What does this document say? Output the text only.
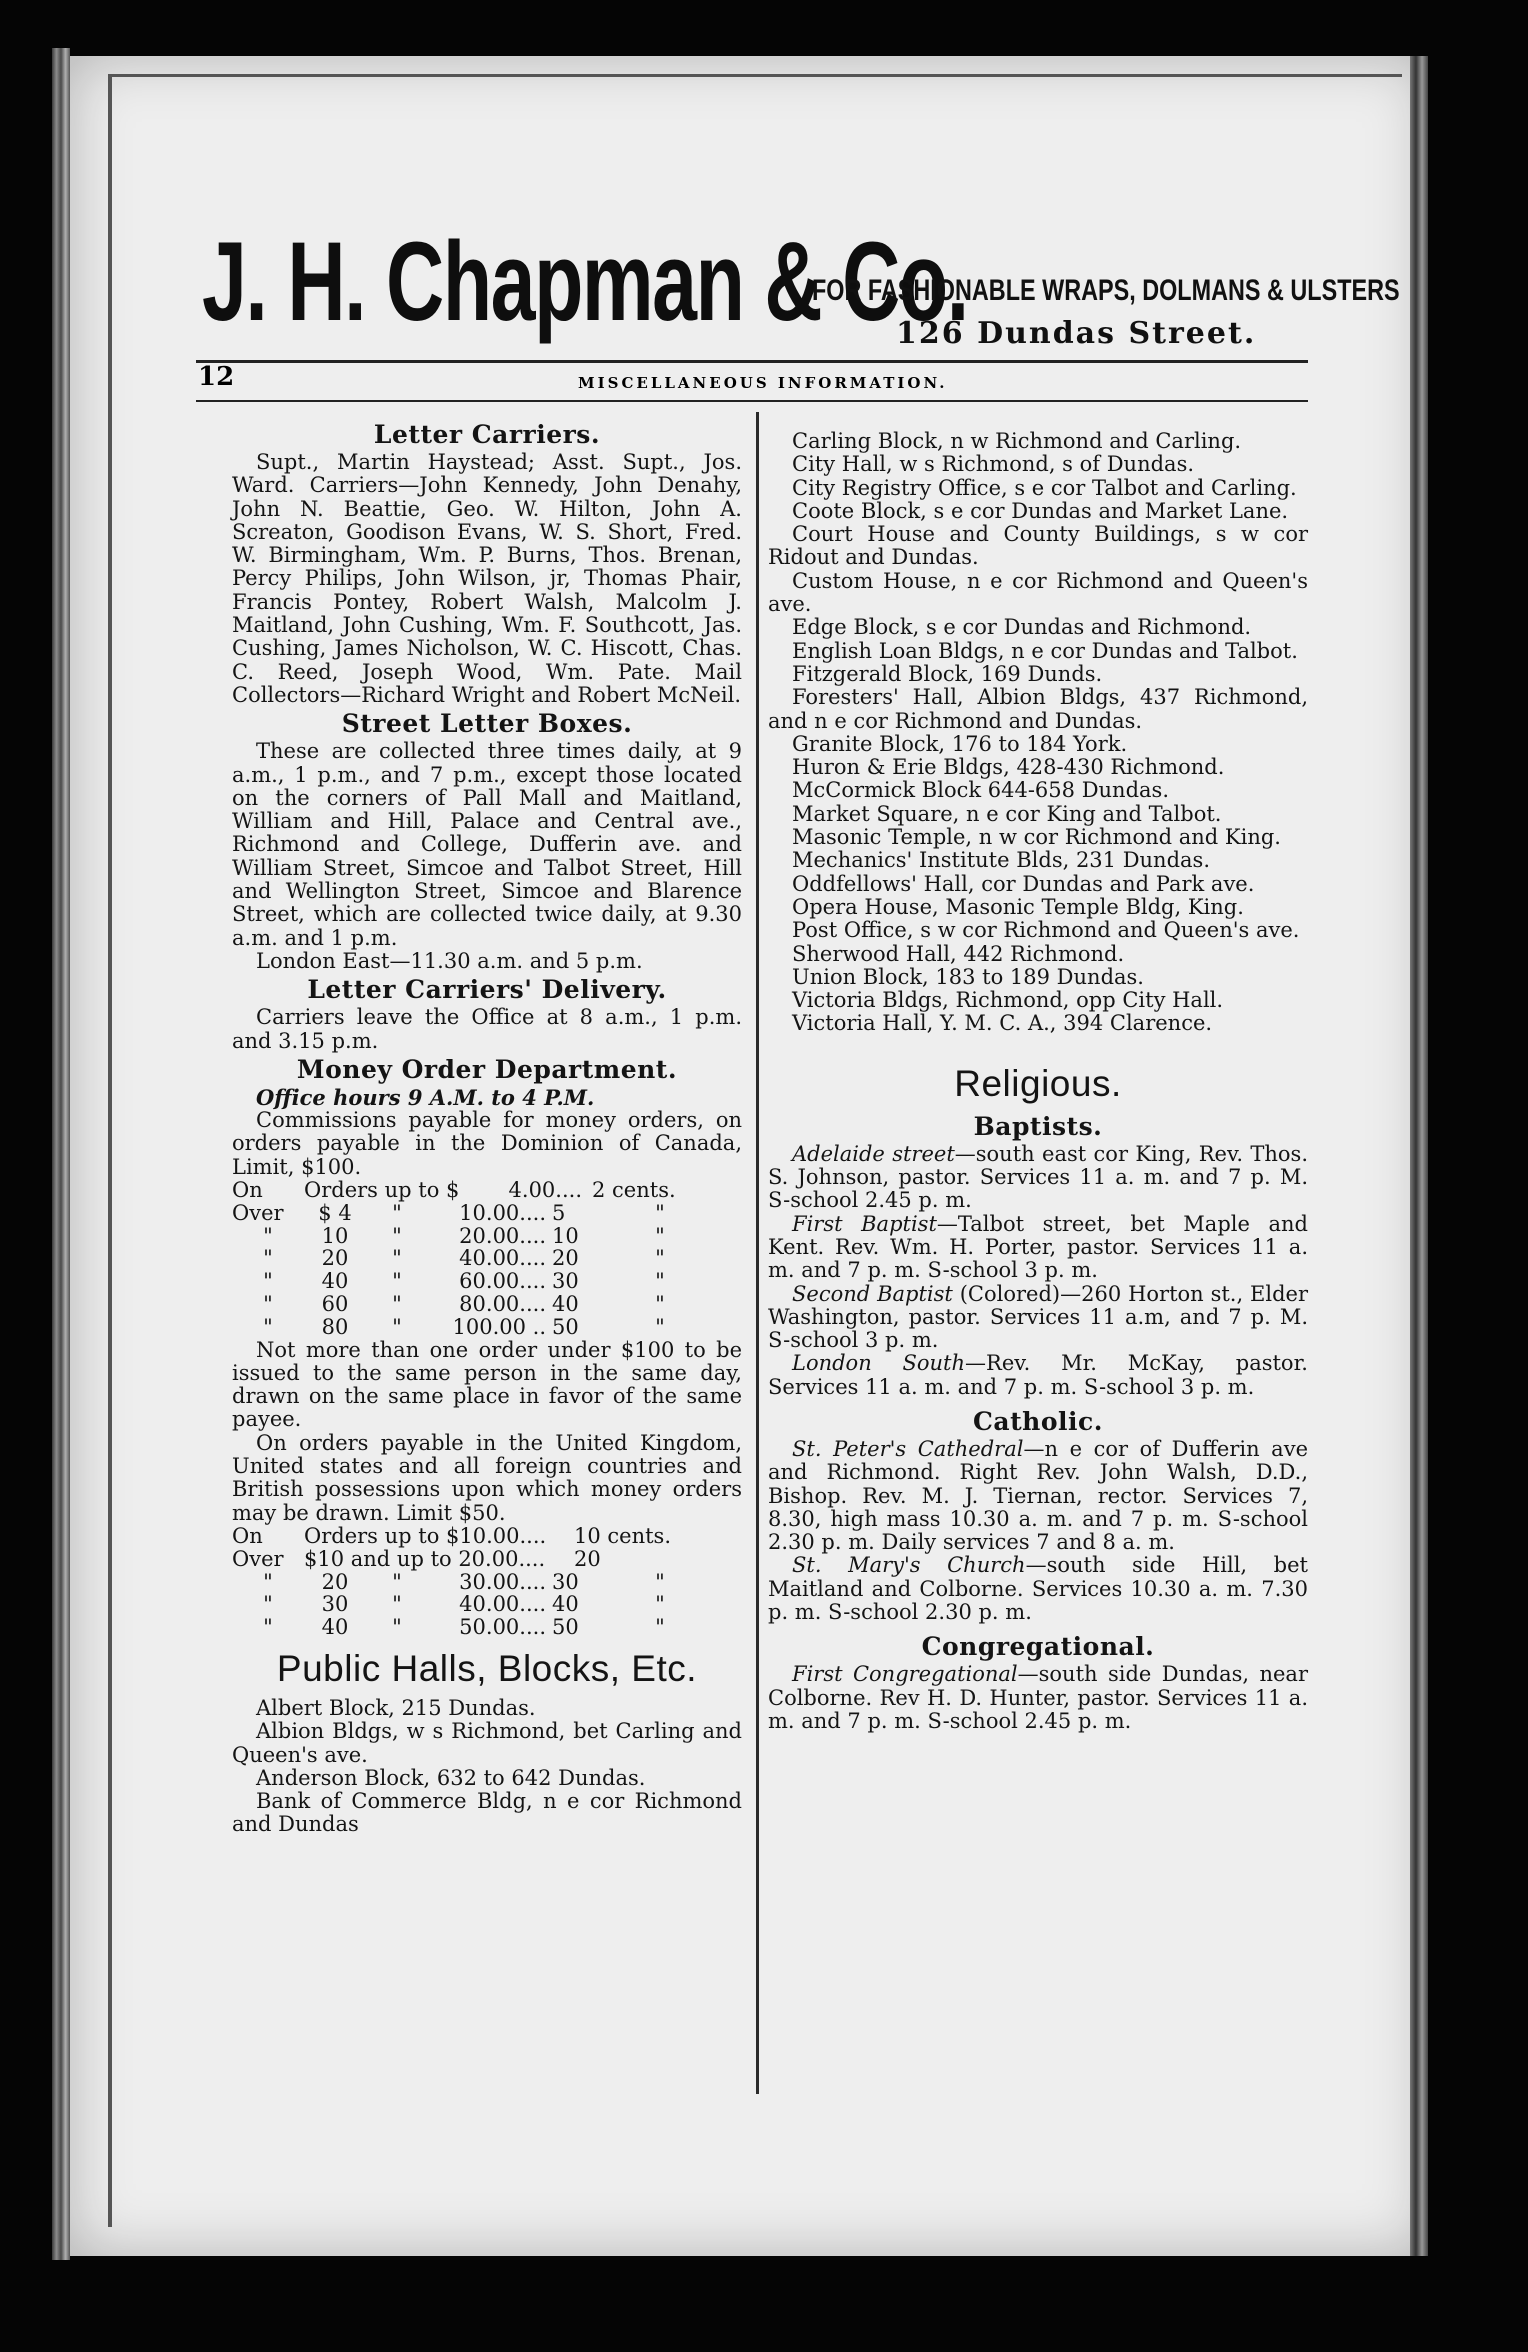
J. H. Chapman & Co.
FOR FASHIONABLE WRAPS, DOLMANS & ULSTERS
126 Dundas Street.
12	MISCELLANEOUS INFORMATION.
Letter Carriers.

Supt., Martin Haystead; Asst. Supt., Jos. Ward. Carriers—John Kennedy, John Denahy, John N. Beattie, Geo. W. Hilton, John A. Screaton, Goodison Evans, W. S. Short, Fred. W. Birmingham, Wm. P. Burns, Thos. Brenan, Percy Philips, John Wilson, jr, Thomas Phair, Francis Pontey, Robert Walsh, Malcolm J. Maitland, John Cushing, Wm. F. Southcott, Jas. Cushing, James Nicholson, W. C. Hiscott, Chas. C. Reed, Joseph Wood, Wm. Pate. Mail Collectors—Richard Wright and Robert McNeil.

Street Letter Boxes.

These are collected three times daily, at 9 a.m., 1 p.m., and 7 p.m., except those located on the corners of Pall Mall and Maitland, William and Hill, Palace and Central ave., Richmond and College, Dufferin ave. and William Street, Simcoe and Talbot Street, Hill and Wellington Street, Simcoe and Blarence Street, which are collected twice daily, at 9.30 a.m. and 1 p.m.

London East—11.30 a.m. and 5 p.m.

Letter Carriers' Delivery.

Carriers leave the Office at 8 a.m., 1 p.m. and 3.15 p.m.

Money Order Department.

Office hours 9 A.M. to 4 P.M.

Commissions payable for money orders, on orders payable in the Dominion of Canada, Limit, $100.

On	Orders up to $	4.00.... 2 cents.
Over	$ 4	"	10.00.... 5	"
"	10	"	20.00.... 10	"
"	20	"	40.00.... 20	"
"	40	"	60.00.... 30	"
"	60	"	80.00.... 40	"
"	80	"	100.00 .. 50	"

Not more than one order under $100 to be issued to the same person in the same day, drawn on the same place in favor of the same payee.

On orders payable in the United Kingdom, United states and all foreign countries and British possessions upon which money orders may be drawn. Limit $50.

On	Orders up to $10.00....	10 cents.
Over $10 and up to 20.00....	20
"	20	"	30.00.... 30	"
"	30	"	40.00.... 40	"
"	40	"	50.00.... 50	"
Public Halls, Blocks, Etc.

Albert Block, 215 Dundas.

Albion Bldgs, w s Richmond, bet Carling and Queen's ave.

Anderson Block, 632 to 642 Dundas.

Bank of Commerce Bldg, n e cor Richmond and Dundas

Carling Block, n w Richmond and Carling.

City Hall, w s Richmond, s of Dundas.

City Registry Office, s e cor Talbot and Carling.

Coote Block, s e cor Dundas and Market Lane.

Court House and County Buildings, s w cor Ridout and Dundas.

Custom House, n e cor Richmond and Queen's ave.

Edge Block, s e cor Dundas and Richmond.

English Loan Bldgs, n e cor Dundas and Talbot.

Fitzgerald Block, 169 Dunds.

Foresters' Hall, Albion Bldgs, 437 Richmond, and n e cor Richmond and Dundas.

Granite Block, 176 to 184 York.

Huron & Erie Bldgs, 428-430 Richmond.

McCormick Block 644-658 Dundas.

Market Square, n e cor King and Talbot.

Masonic Temple, n w cor Richmond and King.

Mechanics' Institute Blds, 231 Dundas.

Oddfellows' Hall, cor Dundas and Park ave.

Opera House, Masonic Temple Bldg, King.

Post Office, s w cor Richmond and Queen's ave.

Sherwood Hall, 442 Richmond.

Union Block, 183 to 189 Dundas.

Victoria Bldgs, Richmond, opp City Hall.

Victoria Hall, Y. M. C. A., 394 Clarence.

Religious.
Baptists.

Adelaide street—south east cor King, Rev. Thos. S. Johnson, pastor. Services 11 a. m. and 7 p. M. S-school 2.45 p. m.

First Baptist—Talbot street, bet Maple and Kent. Rev. Wm. H. Porter, pastor. Services 11 a. m. and 7 p. m. S-school 3 p. m.

Second Baptist (Colored)—260 Horton st., Elder Washington, pastor. Services 11 a.m, and 7 p. M. S-school 3 p. m.

London South—Rev. Mr. McKay, pastor. Services 11 a. m. and 7 p. m. S-school 3 p. m.

Catholic.

St. Peter's Cathedral—n e cor of Dufferin ave and Richmond. Right Rev. John Walsh, D.D., Bishop. Rev. M. J. Tiernan, rector. Services 7, 8.30, high mass 10.30 a. m. and 7 p. m. S-school 2.30 p. m. Daily services 7 and 8 a. m.

St. Mary's Church—south side Hill, bet Maitland and Colborne. Services 10.30 a. m. 7.30 p. m. S-school 2.30 p. m.

Congregational.

First Congregational—south side Dundas, near Colborne. Rev H. D. Hunter, pastor. Services 11 a. m. and 7 p. m. S-school 2.45 p. m.
